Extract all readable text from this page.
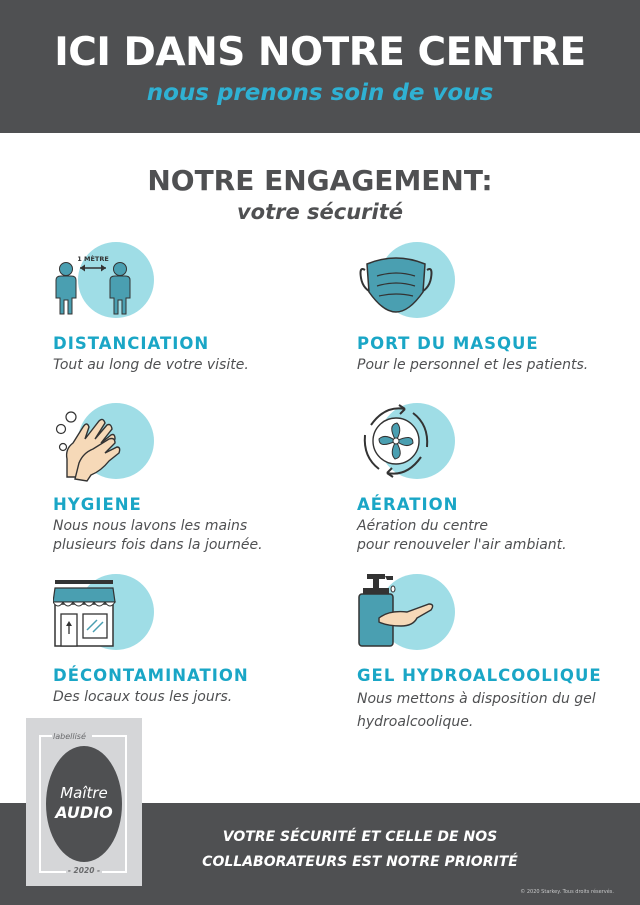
ICI DANS NOTRE CENTRE
nous prenons soin de vous
NOTRE ENGAGEMENT:
votre sécurité
1 MÈTRE
DISTANCIATION
Tout au long de votre visite.
PORT DU MASQUE
Pour le personnel et les patients.
HYGIENE
Nous nous lavons les mains
plusieurs fois dans la journée.
AÉRATION
Aération du centre
pour renouveler l'air ambiant.
DÉCONTAMINATION
Des locaux tous les jours.
GEL HYDROALCOOLIQUE
Nous mettons à disposition du gel
hydroalcoolique.
VOTRE SÉCURITÉ ET CELLE DE NOS
COLLABORATEURS EST NOTRE PRIORITÉ
© 2020 Starkey. Tous droits réservés.
labellisé
Maître
AUDIO
- 2020 -
